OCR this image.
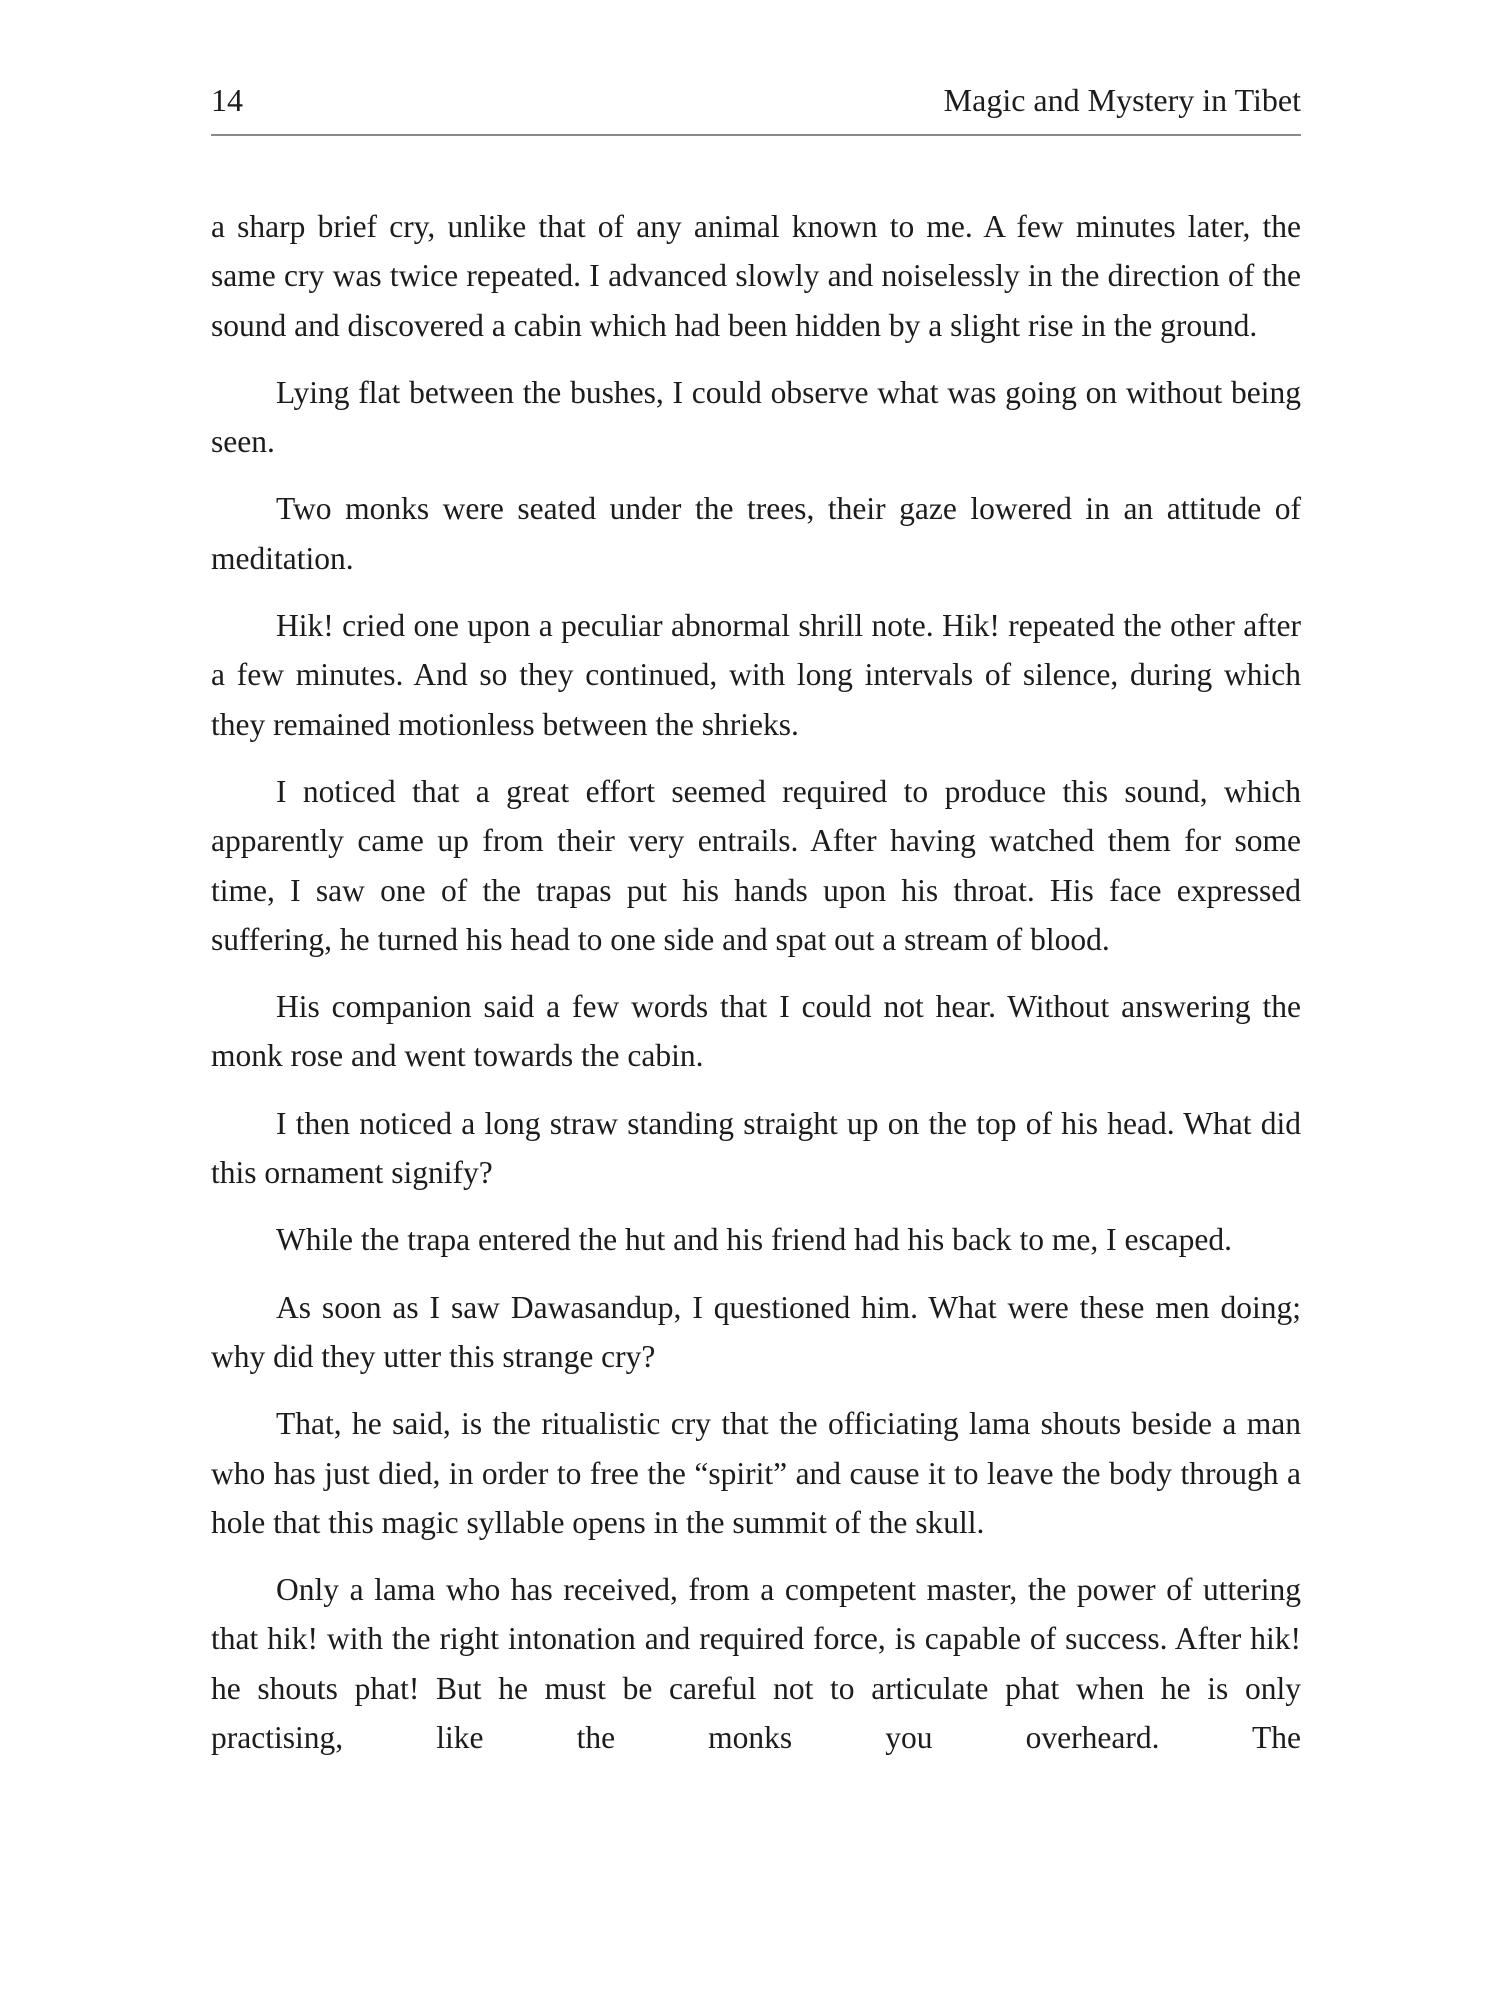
14	Magic and Mystery in Tibet

a sharp brief cry, unlike that of any animal known to me. A few minutes later, the same cry was twice repeated. I advanced slowly and noiselessly in the direction of the sound and discovered a cabin which had been hidden by a slight rise in the ground.

Lying flat between the bushes, I could observe what was going on without being seen.

Two monks were seated under the trees, their gaze lowered in an attitude of meditation.

Hik! cried one upon a peculiar abnormal shrill note. Hik! repeated the other after a few minutes. And so they continued, with long intervals of silence, during which they remained motionless between the shrieks.

I noticed that a great effort seemed required to produce this sound, which apparently came up from their very entrails. After having watched them for some time, I saw one of the trapas put his hands upon his throat. His face expressed suffering, he turned his head to one side and spat out a stream of blood.

His companion said a few words that I could not hear. Without answering the monk rose and went towards the cabin.

I then noticed a long straw standing straight up on the top of his head. What did this ornament signify?

While the trapa entered the hut and his friend had his back to me, I escaped.

As soon as I saw Dawasandup, I questioned him. What were these men doing; why did they utter this strange cry?

That, he said, is the ritualistic cry that the officiating lama shouts beside a man who has just died, in order to free the “spirit” and cause it to leave the body through a hole that this magic syllable opens in the summit of the skull.

Only a lama who has received, from a competent master, the power of uttering that hik! with the right intonation and required force, is capable of success. After hik! he shouts phat! But he must be careful not to articulate phat when he is only practising, like the monks you overheard. The
